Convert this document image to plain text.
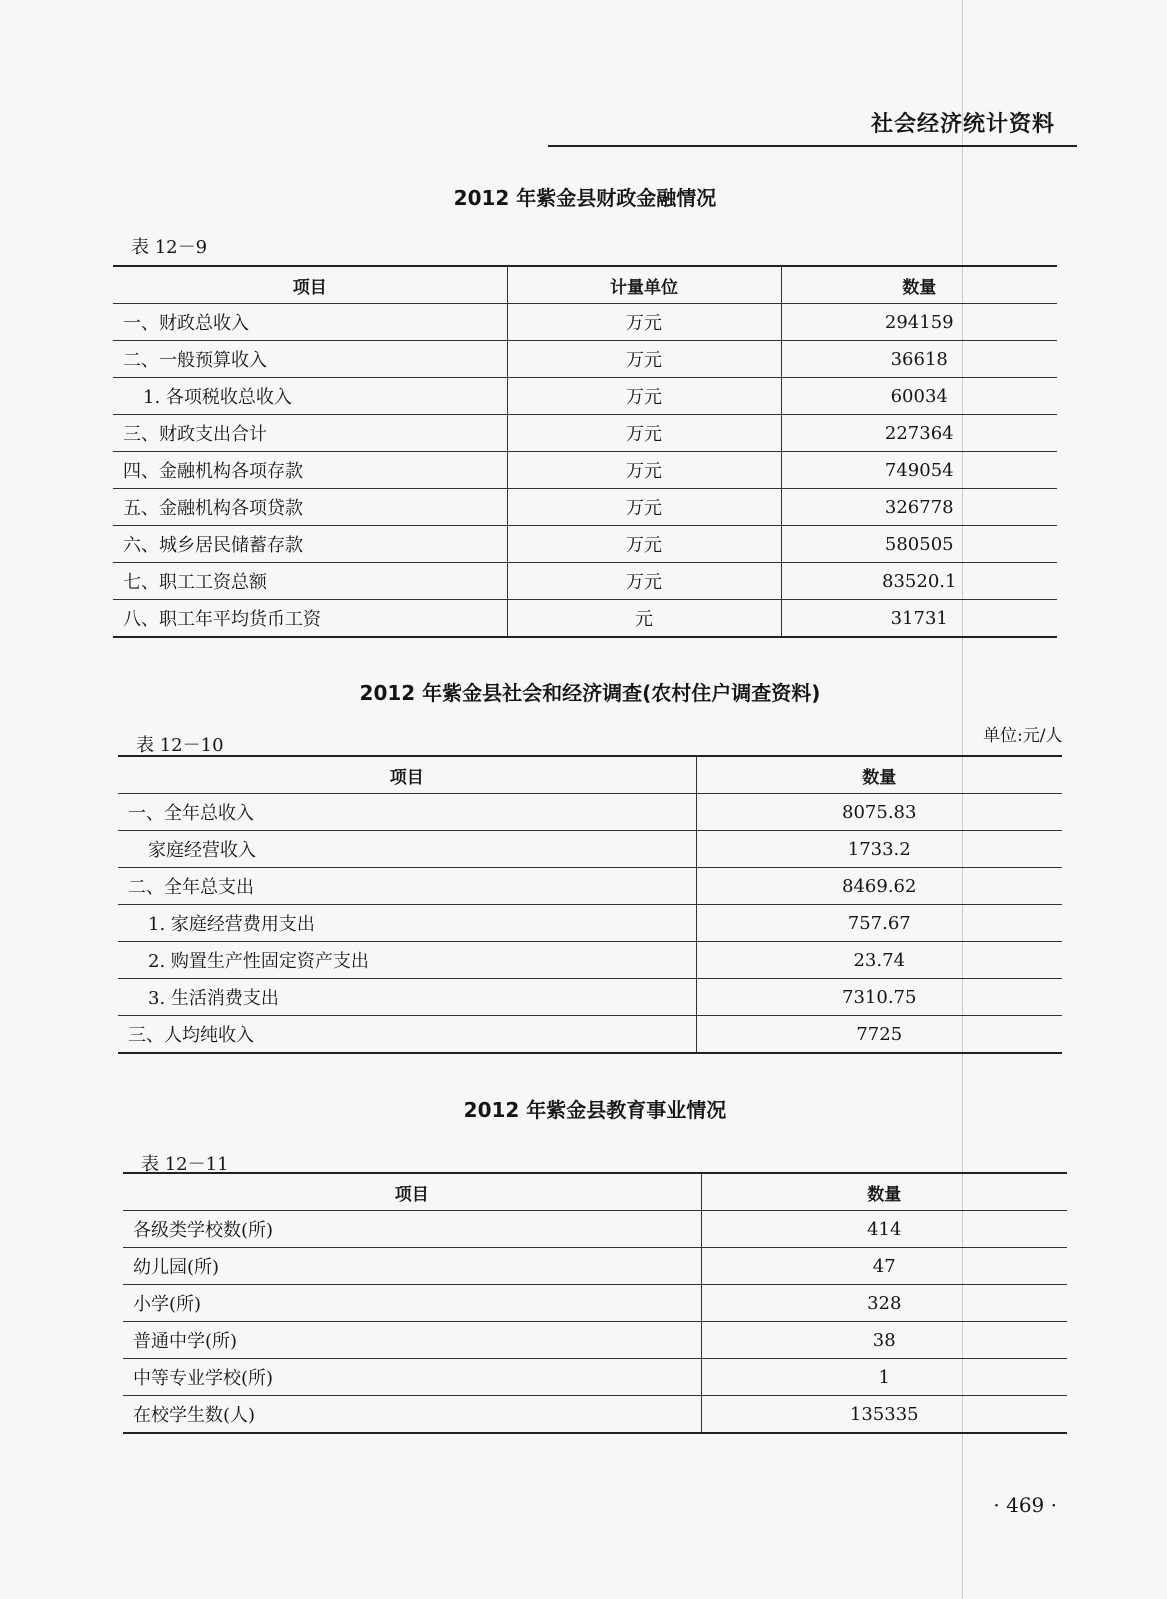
社会经济统计资料
2012 年紫金县财政金融情况
表 12－9
项目	计量单位	数量
一、财政总收入	万元	294159
二、一般预算收入	万元	36618
1. 各项税收总收入	万元	60034
三、财政支出合计	万元	227364
四、金融机构各项存款	万元	749054
五、金融机构各项贷款	万元	326778
六、城乡居民储蓄存款	万元	580505
七、职工工资总额	万元	83520.1
八、职工年平均货币工资	元	31731
2012 年紫金县社会和经济调查(农村住户调查资料)
表 12－10	单位:元/人
项目	数量
一、全年总收入	8075.83
家庭经营收入	1733.2
二、全年总支出	8469.62
1. 家庭经营费用支出	757.67
2. 购置生产性固定资产支出	23.74
3. 生活消费支出	7310.75
三、人均纯收入	7725
2012 年紫金县教育事业情况
表 12－11
项目	数量
各级类学校数(所)	414
幼儿园(所)	47
小学(所)	328
普通中学(所)	38
中等专业学校(所)	1
在校学生数(人)	135335
· 469 ·
